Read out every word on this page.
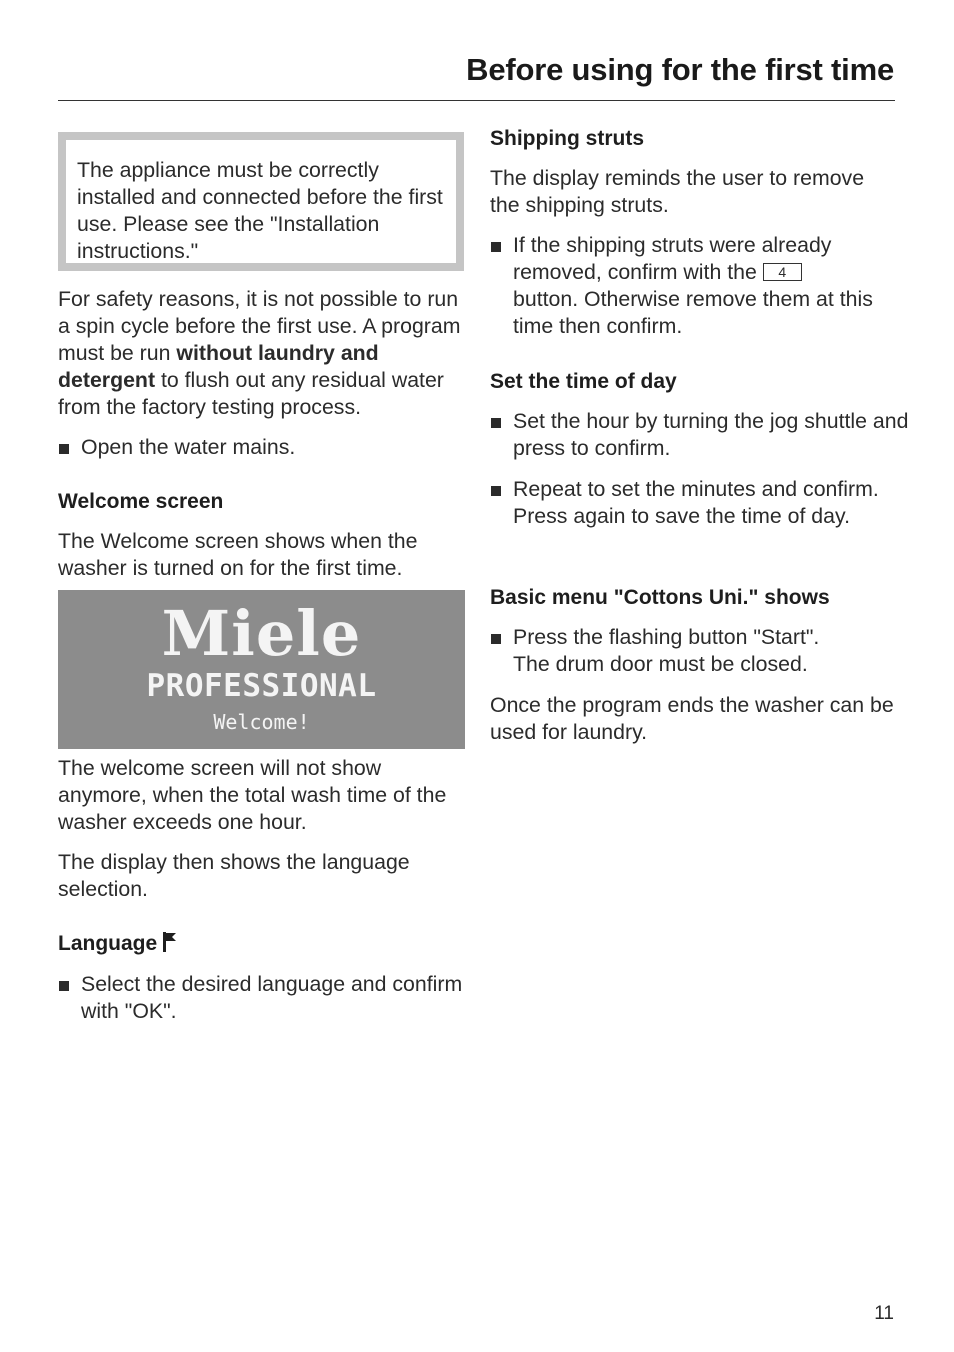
Before using for the first time

The appliance must be correctly installed and connected before the first use. Please see the "Installation instructions."

For safety reasons, it is not possible to run a spin cycle before the first use. A program must be run without laundry and detergent to flush out any residual water from the factory testing process.

Open the water mains.

Welcome screen

The Welcome screen shows when the washer is turned on for the first time.

Miele
PROFESSIONAL
Welcome!

The welcome screen will not show anymore, when the total wash time of the washer exceeds one hour.

The display then shows the language selection.

Language

Select the desired language and confirm with "OK".

Shipping struts

The display reminds the user to remove the shipping struts.

If the shipping struts were already removed, confirm with the 4
button. Otherwise remove them at this time then confirm.

Set the time of day

Set the hour by turning the jog shuttle and press to confirm.

Repeat to set the minutes and confirm. Press again to save the time of day.

Basic menu "Cottons Uni." shows

Press the flashing button "Start".
The drum door must be closed.

Once the program ends the washer can be used for laundry.

11
